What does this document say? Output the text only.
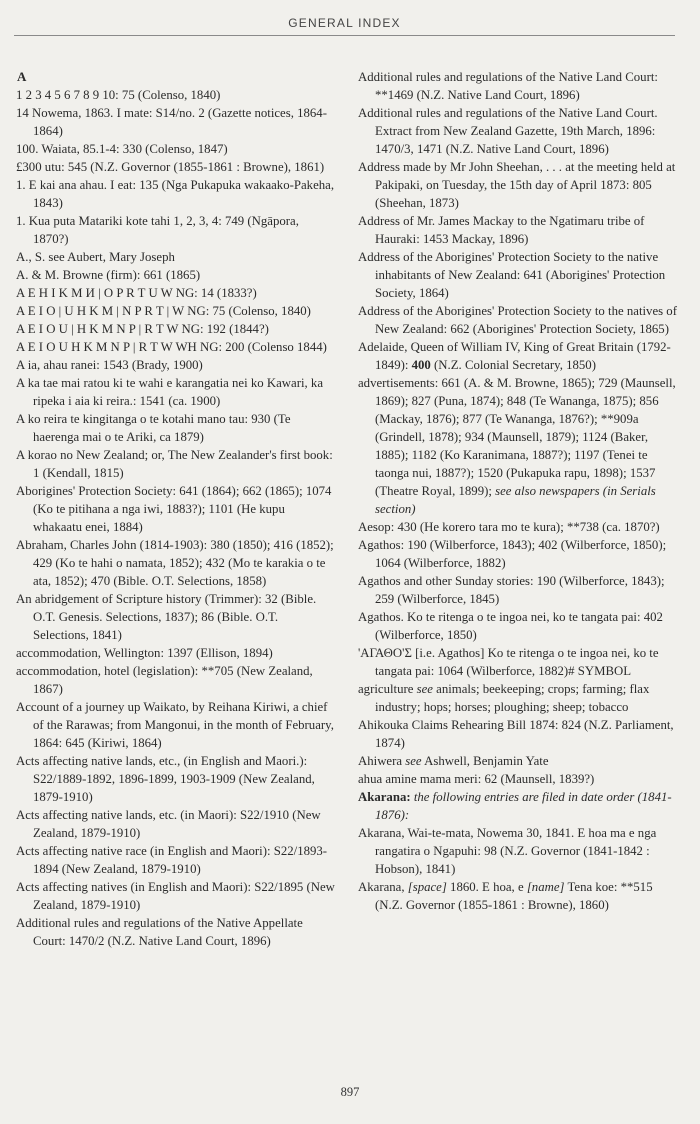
GENERAL INDEX

A

1 2 3 4 5 6 7 8 9 10: 75 (Colenso, 1840)

14 Nowema, 1863. I mate: S14/no. 2 (Gazette notices, 1864-1864)

100. Waiata, 85.1-4: 330 (Colenso, 1847)

£300 utu: 545 (N.Z. Governor (1855-1861 : Browne), 1861)

1. E kai ana ahau. I eat: 135 (Nga Pukapuka wakaako-Pakeha, 1843)

1. Kua puta Matariki kote tahi 1, 2, 3, 4: 749 (Ngāpora, 1870?)

A., S. see Aubert, Mary Joseph

A. & M. Browne (firm): 661 (1865)

A E H I K M И | O P R T U W NG: 14 (1833?)

A E I O | U H K M | N P R T | W NG: 75 (Colenso, 1840)

A E I O U | H K M N P | R T W NG: 192 (1844?)

A E I O U H K M N P | R T W WH NG: 200 (Colenso 1844)

A ia, ahau ranei: 1543 (Brady, 1900)

A ka tae mai ratou ki te wahi e karangatia nei ko Kawari, ka ripeka i aia ki reira.: 1541 (ca. 1900)

A ko reira te kingitanga o te kotahi mano tau: 930 (Te haerenga mai o te Ariki, ca 1879)

A korao no New Zealand; or, The New Zealander's first book: 1 (Kendall, 1815)

Aborigines' Protection Society: 641 (1864); 662 (1865); 1074 (Ko te pitihana a nga iwi, 1883?); 1101 (He kupu whakaatu enei, 1884)

Abraham, Charles John (1814-1903): 380 (1850); 416 (1852); 429 (Ko te hahi o namata, 1852); 432 (Mo te karakia o te ata, 1852); 470 (Bible. O.T. Selections, 1858)

An abridgement of Scripture history (Trimmer): 32 (Bible. O.T. Genesis. Selections, 1837); 86 (Bible. O.T. Selections, 1841)

accommodation, Wellington: 1397 (Ellison, 1894)

accommodation, hotel (legislation): **705 (New Zealand, 1867)

Account of a journey up Waikato, by Reihana Kiriwi, a chief of the Rarawas; from Mangonui, in the month of February, 1864: 645 (Kiriwi, 1864)

Acts affecting native lands, etc., (in English and Maori.): S22/1889-1892, 1896-1899, 1903-1909 (New Zealand, 1879-1910)

Acts affecting native lands, etc. (in Maori): S22/1910 (New Zealand, 1879-1910)

Acts affecting native race (in English and Maori): S22/1893-1894 (New Zealand, 1879-1910)

Acts affecting natives (in English and Maori): S22/1895 (New Zealand, 1879-1910)

Additional rules and regulations of the Native Appellate Court: 1470/2 (N.Z. Native Land Court, 1896)

Additional rules and regulations of the Native Land Court: **1469 (N.Z. Native Land Court, 1896)

Additional rules and regulations of the Native Land Court. Extract from New Zealand Gazette, 19th March, 1896: 1470/3, 1471 (N.Z. Native Land Court, 1896)

Address made by Mr John Sheehan, . . . at the meeting held at Pakipaki, on Tuesday, the 15th day of April 1873: 805 (Sheehan, 1873)

Address of Mr. James Mackay to the Ngatimaru tribe of Hauraki: 1453 Mackay, 1896)

Address of the Aborigines' Protection Society to the native inhabitants of New Zealand: 641 (Aborigines' Protection Society, 1864)

Address of the Aborigines' Protection Society to the natives of New Zealand: 662 (Aborigines' Protection Society, 1865)

Adelaide, Queen of William IV, King of Great Britain (1792-1849): 400 (N.Z. Colonial Secretary, 1850)

advertisements: 661 (A. & M. Browne, 1865); 729 (Maunsell, 1869); 827 (Puna, 1874); 848 (Te Wananga, 1875); 856 (Mackay, 1876); 877 (Te Wananga, 1876?); **909a (Grindell, 1878); 934 (Maunsell, 1879); 1124 (Baker, 1885); 1182 (Ko Karanimana, 1887?); 1197 (Tenei te taonga nui, 1887?); 1520 (Pukapuka rapu, 1898); 1537 (Theatre Royal, 1899); see also newspapers (in Serials section)

Aesop: 430 (He korero tara mo te kura); **738 (ca. 1870?)

Agathos: 190 (Wilberforce, 1843); 402 (Wilberforce, 1850); 1064 (Wilberforce, 1882)

Agathos and other Sunday stories: 190 (Wilberforce, 1843); 259 (Wilberforce, 1845)

Agathos. Ko te ritenga o te ingoa nei, ko te tangata pai: 402 (Wilberforce, 1850)

'ΑΓΑΘΟ'Σ [i.e. Agathos] Ko te ritenga o te ingoa nei, ko te tangata pai: 1064 (Wilberforce, 1882)# SYMBOL

agriculture see animals; beekeeping; crops; farming; flax industry; hops; horses; ploughing; sheep; tobacco

Ahikouka Claims Rehearing Bill 1874: 824 (N.Z. Parliament, 1874)

Ahiwera see Ashwell, Benjamin Yate

ahua amine mama meri: 62 (Maunsell, 1839?)

Akarana: the following entries are filed in date order (1841-1876):

Akarana, Wai-te-mata, Nowema 30, 1841. E hoa ma e nga rangatira o Ngapuhi: 98 (N.Z. Governor (1841-1842 : Hobson), 1841)

Akarana, [space] 1860. E hoa, e [name] Tena koe: **515 (N.Z. Governor (1855-1861 : Browne), 1860)

897
